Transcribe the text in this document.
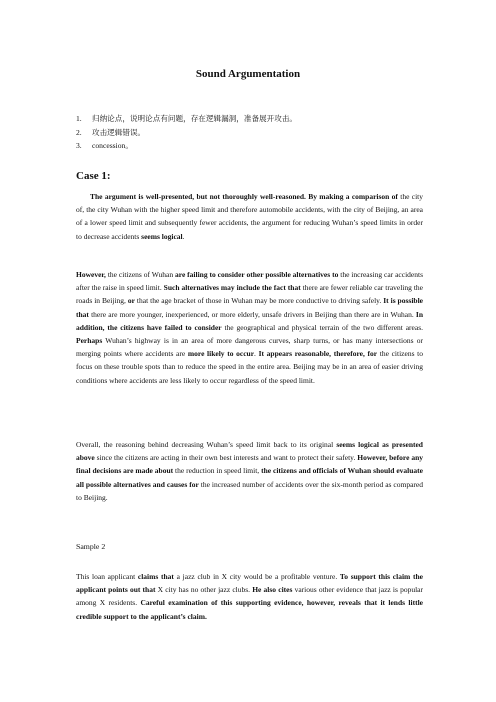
Sound Argumentation
1. 归纳论点，说明论点有问题，存在逻辑漏洞，准备展开攻击。
2. 攻击逻辑错误。
3. concession。
Case 1:

The argument is well-presented, but not thoroughly well-reasoned. By making a comparison of the city of, the city Wuhan with the higher speed limit and therefore automobile accidents, with the city of Beijing, an area of a lower speed limit and subsequently fewer accidents, the argument for reducing Wuhan’s speed limits in order to decrease accidents seems logical.

However, the citizens of Wuhan are failing to consider other possible alternatives to the increasing car accidents after the raise in speed limit. Such alternatives may include the fact that there are fewer reliable car traveling the roads in Beijing, or that the age bracket of those in Wuhan may be more conductive to driving safely. It is possible that there are more younger, inexperienced, or more elderly, unsafe drivers in Beijing than there are in Wuhan. In addition, the citizens have failed to consider the geographical and physical terrain of the two different areas. Perhaps Wuhan’s highway is in an area of more dangerous curves, sharp turns, or has many intersections or merging points where accidents are more likely to occur. It appears reasonable, therefore, for the citizens to focus on these trouble spots than to reduce the speed in the entire area. Beijing may be in an area of easier driving conditions where accidents are less likely to occur regardless of the speed limit.

Overall, the reasoning behind decreasing Wuhan’s speed limit back to its original seems logical as presented above since the citizens are acting in their own best interests and want to protect their safety. However, before any final decisions are made about the reduction in speed limit, the citizens and officials of Wuhan should evaluate all possible alternatives and causes for the increased number of accidents over the six-month period as compared to Beijing.

Sample 2

This loan applicant claims that a jazz club in X city would be a profitable venture. To support this claim the applicant points out that X city has no other jazz clubs. He also cites various other evidence that jazz is popular among X residents. Careful examination of this supporting evidence, however, reveals that it lends little credible support to the applicant’s claim.
